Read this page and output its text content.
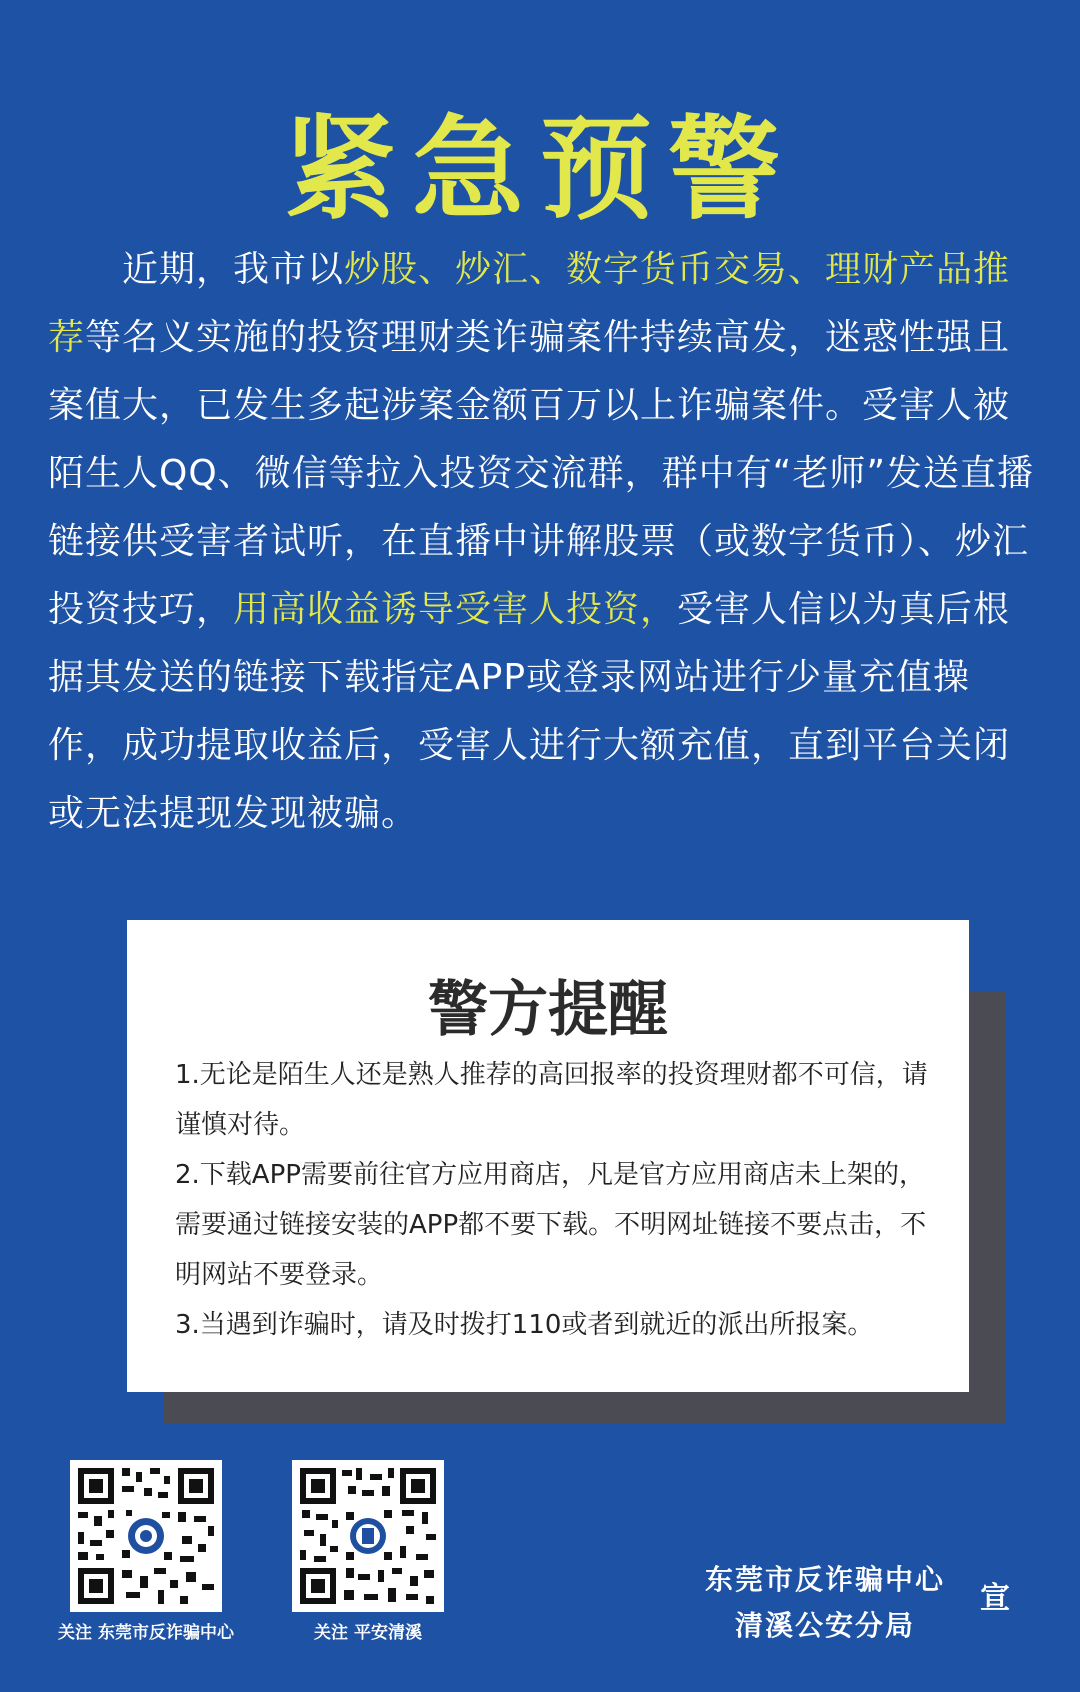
紧急预警
近期，我市以炒股、炒汇、数字货币交易、理财产品推荐等名义实施的投资理财类诈骗案件持续高发，迷惑性强且案值大，已发生多起涉案金额百万以上诈骗案件。受害人被陌生人QQ、微信等拉入投资交流群，群中有“老师”发送直播链接供受害者试听，在直播中讲解股票（或数字货币）、炒汇投资技巧，用高收益诱导受害人投资，受害人信以为真后根据其发送的链接下载指定APP或登录网站进行少量充值操作，成功提取收益后，受害人进行大额充值，直到平台关闭或无法提现发现被骗。
警方提醒

1.无论是陌生人还是熟人推荐的高回报率的投资理财都不可信，请谨慎对待。

2.下载APP需要前往官方应用商店，凡是官方应用商店未上架的，需要通过链接安装的APP都不要下载。不明网址链接不要点击，不明网站不要登录。

3.当遇到诈骗时，请及时拨打110或者到就近的派出所报案。

关注 东莞市反诈骗中心	关注 平安清溪
东莞市反诈骗中心
清溪公安分局
宣
